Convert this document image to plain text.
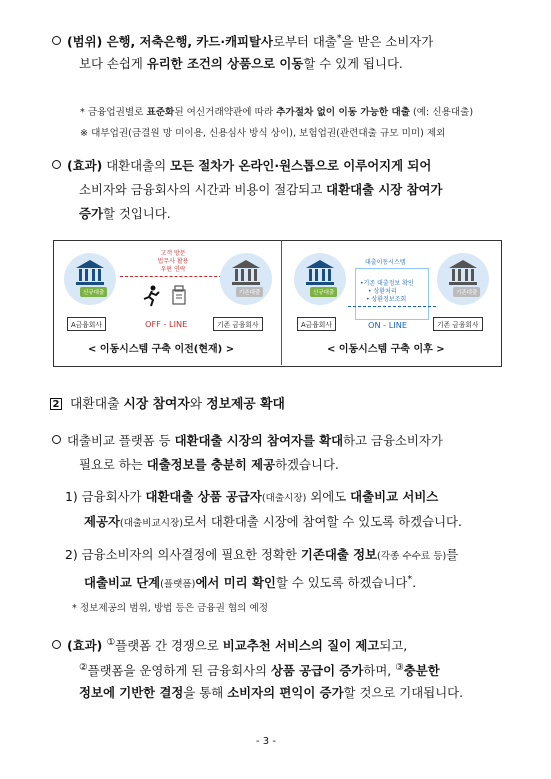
(범위) 은행, 저축은행, 카드·캐피탈사로부터 대출*을 받은 소비자가
보다 손쉽게 유리한 조건의 상품으로 이동할 수 있게 됩니다.
* 금융업권별로 표준화된 여신거래약관에 따라 추가절차 없이 이동 가능한 대출 (예: 신용대출)
※ 대부업권(금결원 망 미이용, 신용심사 방식 상이), 보험업권(관련대출 규모 미미) 제외
(효과) 대환대출의 모든 절차가 온라인·원스톱으로 이루어지게 되어
소비자와 금융회사의 시간과 비용이 절감되고 대환대출 시장 참여가
증가할 것입니다.
신규대출
A금융회사
고객 방문
법무사 활용
우편 연락
OFF - LINE
기존대출
기존 금융회사
< 이동시스템 구축 이전(현재) >
신규대출
A금융회사
대출이동시스템
•기존 대출정보 확인
• 상환처리
• 상환정보조회
ON - LINE
기존대출
기존 금융회사
< 이동시스템 구축 이후 >
2 대환대출 시장 참여자와 정보제공 확대
대출비교 플랫폼 등 대환대출 시장의 참여자를 확대하고 금융소비자가
필요로 하는 대출정보를 충분히 제공하겠습니다.
1) 금융회사가 대환대출 상품 공급자(대출시장) 외에도 대출비교 서비스
제공자(대출비교시장)로서 대환대출 시장에 참여할 수 있도록 하겠습니다.
2) 금융소비자의 의사결정에 필요한 정확한 기존대출 정보(각종 수수료 등)를
대출비교 단계(플랫폼)에서 미리 확인할 수 있도록 하겠습니다*.
* 정보제공의 범위, 방법 등은 금융권 협의 예정
(효과) ①플랫폼 간 경쟁으로 비교추천 서비스의 질이 제고되고,
②플랫폼을 운영하게 된 금융회사의 상품 공급이 증가하며, ③충분한
정보에 기반한 결정을 통해 소비자의 편익이 증가할 것으로 기대됩니다.
- 3 -
